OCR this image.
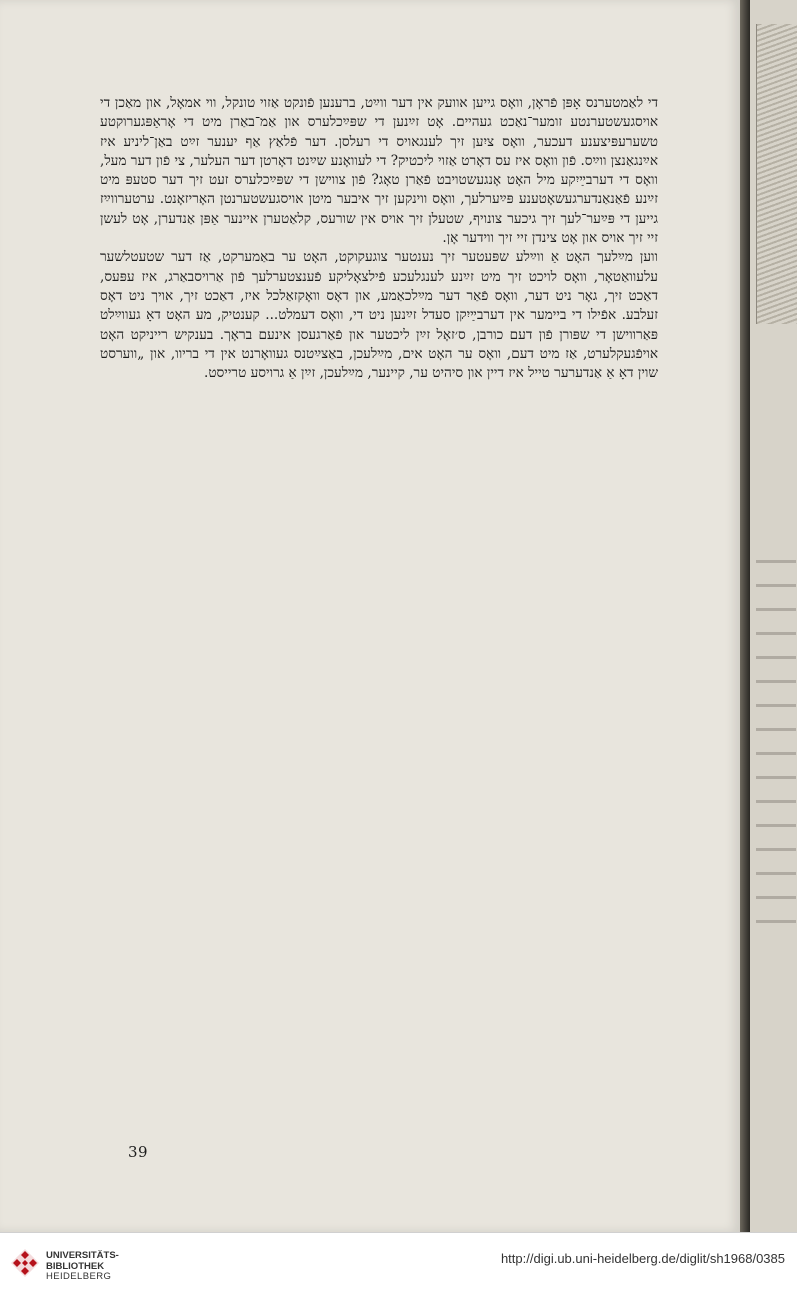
די לאַמטערנס אָפּן פֿראָן, וואָס גייען אוועק אין דער ווײַט, ברענען פֿונקט אַזוי טונקל, ווי אמאָל, און מאַכן די אויסגעשטערנטע זומער־נאַכט געהיים. אָט זײַנען די שפּײַכלערס און אַמ־באַרן מיט די אָראַפּגערוקטע טשערעפּיצענע דעכער, וואָס ציִען זיך לענגאויס די רעלסן. דער פֿלאַץ אַף יענער זײַט באַן־ליניע איז אײַנגאַנצן ווײַס. פֿון וואָס איז עס דאָרט אַזוי ליכטיק? די לעוואָנע שײַנט דאָרטן דער העלער, צי פֿון דער מעל, וואָס די דערבײַיִקע מיל האָט אָנגעשטויבט פֿאַרן טאָג? פֿון צווישן די שפּײַכלערס זעט זיך דער סטעפּ מיט זײַנע פֿאַנאַנדערגעשאָטענע פּײַערלעך, וואָס ווינקען זיך איבער מיטן אויסגעשטערנטן האָריזאָנט. ערטערווײַז גייען די פּײַער־לעך זיך גיכער צונויף, שטעלן זיך אויס אין שורעס, קלאַטערן איינער אַפּן אַנדערן, אָט לעשן זיי זיך אויס און אָט צינדן זיי זיך ווידער אָן.

ווען מײַלעך האָט אַ ווײַלע שפּעטער זיך נענטער צוגעקוקט, האָט ער באַמערקט, אַז דער שטעטלשער עלעוואַטאָר, וואָס לויכט זיך מיט זײַנע לענגלעכע פֿילצאָליקע פֿענצטערלעך פֿון אַרויסבאַרג, איז עפּעס, דאַכט זיך, גאָר ניט דער, וואָס פֿאַר דער מײַלכאַמע, און דאָס וואָקזאַלכל איז, דאַכט זיך, אויך ניט דאָס זעלבע. אפֿילו די ביימער אין דערבײַיִקן סעדל זײַנען ניט די, וואָס דעמלט... קענטיק, מע האָט דאָ געווײַלט פּאַרווישן די שפּורן פֿון דעם כורבן, ס׳זאָל זײַן ליכטער און פֿאַרגעסן אינעם בראָך. בענקיש רייניקט האָט אויפֿגעקלערט, אַז מיט דעם, וואָס ער האָט אים, מײַלעכן, באַצײַטנס געוואָרנט אין די בריוו, און „ווערסט שוין דאָ אַ אַנדערער טייל איז דיין און סיהיט ער, קיינער, מײַלעכן, זײַן אַ גרויסע טרייסט.

39
UNIVERSITÄTS-
BIBLIOTHEK
HEIDELBERG
http://digi.ub.uni-heidelberg.de/diglit/sh1968/0385
